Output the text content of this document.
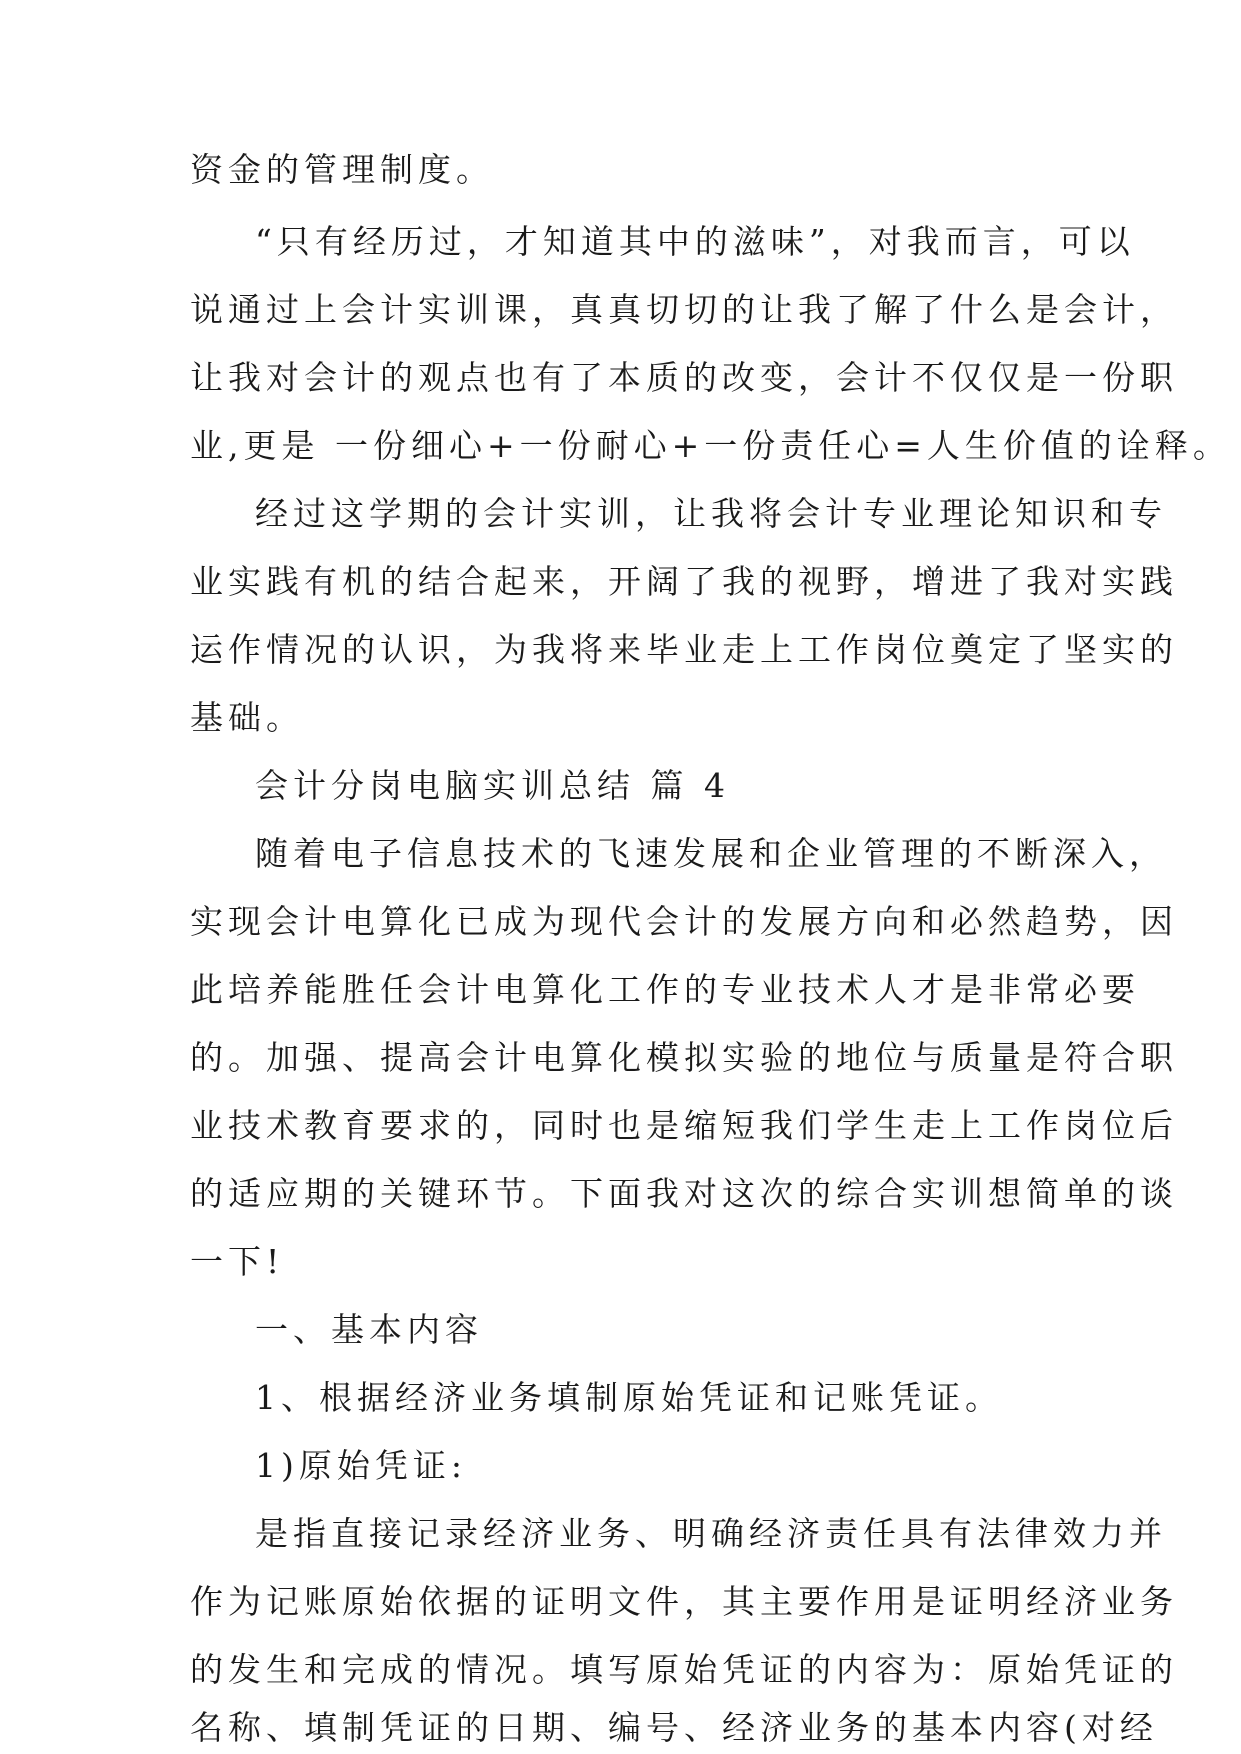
资金的管理制度。
“只有经历过，才知道其中的滋味”，对我而言，可以
说通过上会计实训课，真真切切的让我了解了什么是会计，
让我对会计的观点也有了本质的改变，会计不仅仅是一份职
业,更是 一份细心+一份耐心+一份责任心=人生价值的诠释。
经过这学期的会计实训，让我将会计专业理论知识和专
业实践有机的结合起来，开阔了我的视野，增进了我对实践
运作情况的认识，为我将来毕业走上工作岗位奠定了坚实的
基础。
会计分岗电脑实训总结 篇 4
随着电子信息技术的飞速发展和企业管理的不断深入，
实现会计电算化已成为现代会计的发展方向和必然趋势，因
此培养能胜任会计电算化工作的专业技术人才是非常必要
的。加强、提高会计电算化模拟实验的地位与质量是符合职
业技术教育要求的，同时也是缩短我们学生走上工作岗位后
的适应期的关键环节。下面我对这次的综合实训想简单的谈
一下!
一、基本内容
1、根据经济业务填制原始凭证和记账凭证。
1)原始凭证:
是指直接记录经济业务、明确经济责任具有法律效力并
作为记账原始依据的证明文件，其主要作用是证明经济业务
的发生和完成的情况。填写原始凭证的内容为：原始凭证的
名称、填制凭证的日期、编号、经济业务的基本内容(对经
